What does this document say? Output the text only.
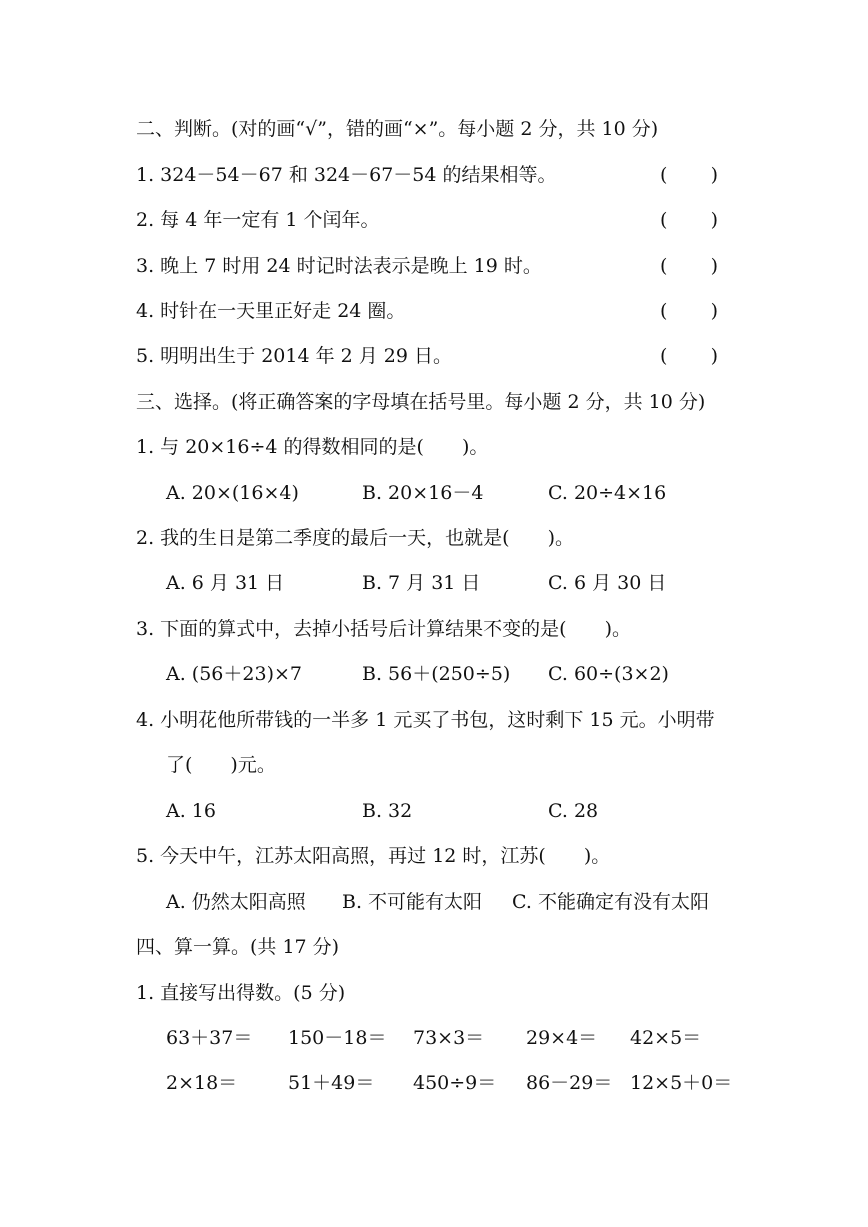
二、判断。(对的画“√”，错的画“×”。每小题 2 分，共 10 分)
1. 324－54－67 和 324－67－54 的结果相等。	( )
2. 每 4 年一定有 1 个闰年。	( )
3. 晚上 7 时用 24 时记时法表示是晚上 19 时。	( )
4. 时针在一天里正好走 24 圈。	( )
5. 明明出生于 2014 年 2 月 29 日。	( )
三、选择。(将正确答案的字母填在括号里。每小题 2 分，共 10 分)
1. 与 20×16÷4 的得数相同的是(　　)。
A. 20×(16×4)	B. 20×16－4	C. 20÷4×16
2. 我的生日是第二季度的最后一天，也就是(　　)。
A. 6 月 31 日	B. 7 月 31 日	C. 6 月 30 日
3. 下面的算式中，去掉小括号后计算结果不变的是(　　)。
A. (56＋23)×7	B. 56＋(250÷5) C. 60÷(3×2)
4. 小明花他所带钱的一半多 1 元买了书包，这时剩下 15 元。小明带
了(　　)元。
A. 16	B. 32	C. 28
5. 今天中午，江苏太阳高照，再过 12 时，江苏(　　)。
A. 仍然太阳高照 B. 不可能有太阳 C. 不能确定有没有太阳
四、算一算。(共 17 分)
1. 直接写出得数。(5 分)
63＋37＝ 150－18＝ 73×3＝ 29×4＝ 42×5＝
2×18＝	51＋49＝ 450÷9＝ 86－29＝ 12×5＋0＝
